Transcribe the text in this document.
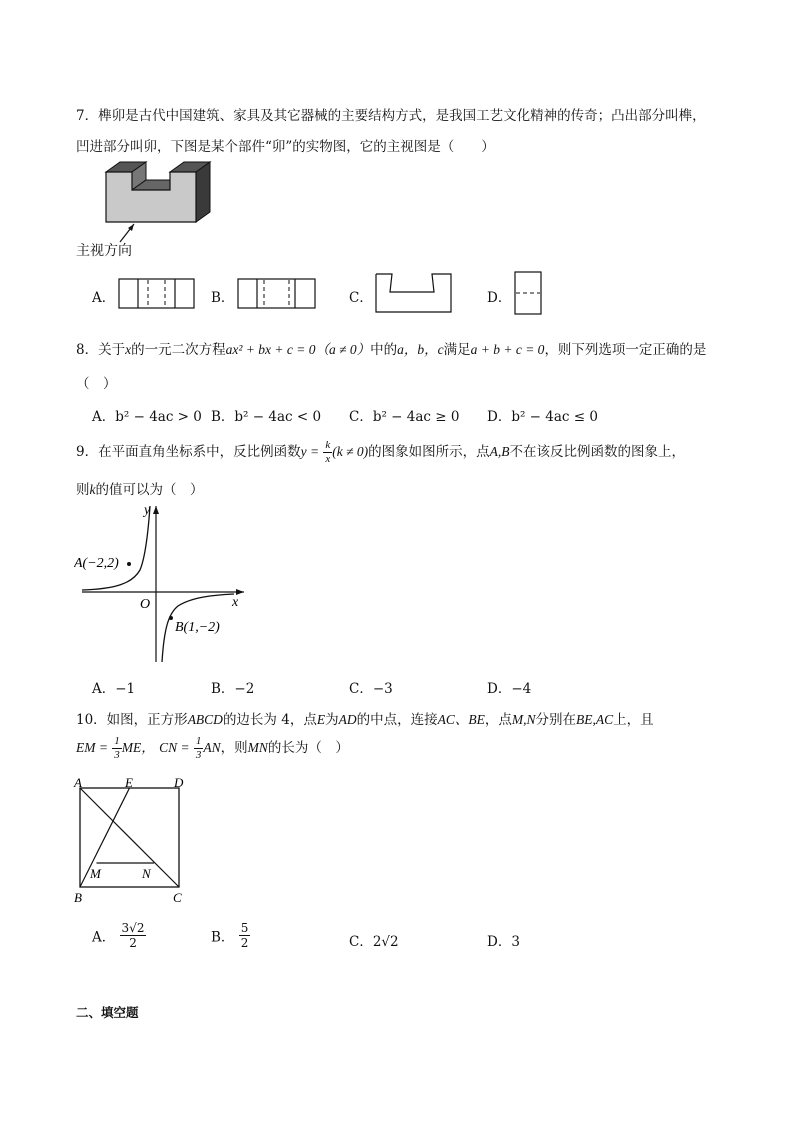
7．榫卯是古代中国建筑、家具及其它器械的主要结构方式，是我国工艺文化精神的传奇；凸出部分叫榫，
凹进部分叫卯，下图是某个部件“卯”的实物图，它的主视图是（　　）
主视方向
A．	B．	C．	D．
8．关于x的一元二次方程ax² + bx + c = 0（a ≠ 0）中的a，b，c满足a + b + c = 0，则下列选项一定正确的是
（　）
A．b² − 4ac > 0 B．b² − 4ac < 0 C．b² − 4ac ≥ 0 D．b² − 4ac ≤ 0
9．在平面直角坐标系中，反比例函数$y = \frac{k}{x} (k \ne 0)$的图象如图所示，点A,B不在该反比例函数的图象上，
则k的值可以为（　）
A(−2,2)
B(1,−2)
O	x
y
A．−1	B．−2	C．−3	D．−4
10．如图，正方形ABCD的边长为 4，点E为AD的中点，连接AC、BE，点M,N分别在BE,AC上，且
EM = $\frac{1}{3}$ ME， CN = $\frac{1}{3}$ AN，则MN的长为（　）
A	E	D
B	C
M	N
A． $\frac{3√2}{2}$	B． $\frac{5}{2}$	C．2√2	D．3
二、填空题
